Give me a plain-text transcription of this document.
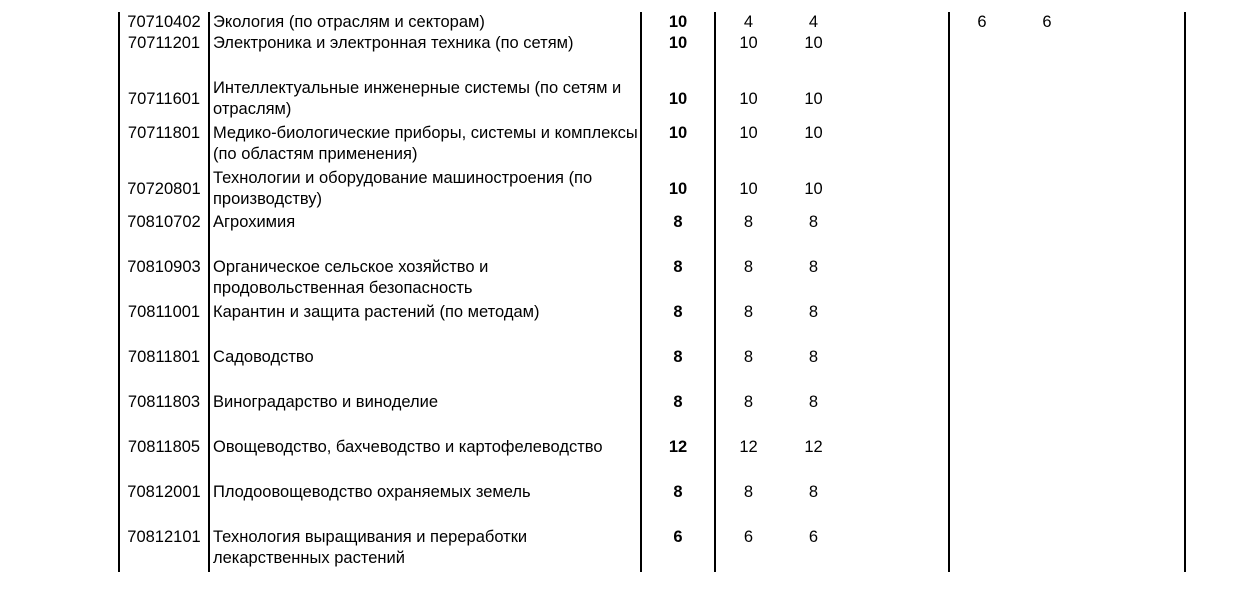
70710402	Экология (по отраслям и секторам)	10	4	4		6	6	
70711201	Электроника и электронная техника (по сетям)	10	10	10				
70711601	Интеллектуальные инженерные системы (по сетям и отраслям)	10	10	10				
70711801	Медико-биологические приборы, системы и комплексы (по областям применения)	10	10	10				
70720801	Технологии и оборудование машиностроения (по производству)	10	10	10				
70810702	Агрохимия	8	8	8				
70810903	Органическое сельское хозяйство и продовольственная безопасность	8	8	8				
70811001	Карантин и защита растений (по методам)	8	8	8				
70811801	Садоводство	8	8	8				
70811803	Виноградарство и виноделие	8	8	8				
70811805	Овощеводство, бахчеводство и картофелеводство	12	12	12				
70812001	Плодоовощеводство охраняемых земель	8	8	8				
70812101	Технология выращивания и переработки лекарственных растений	6	6	6				
